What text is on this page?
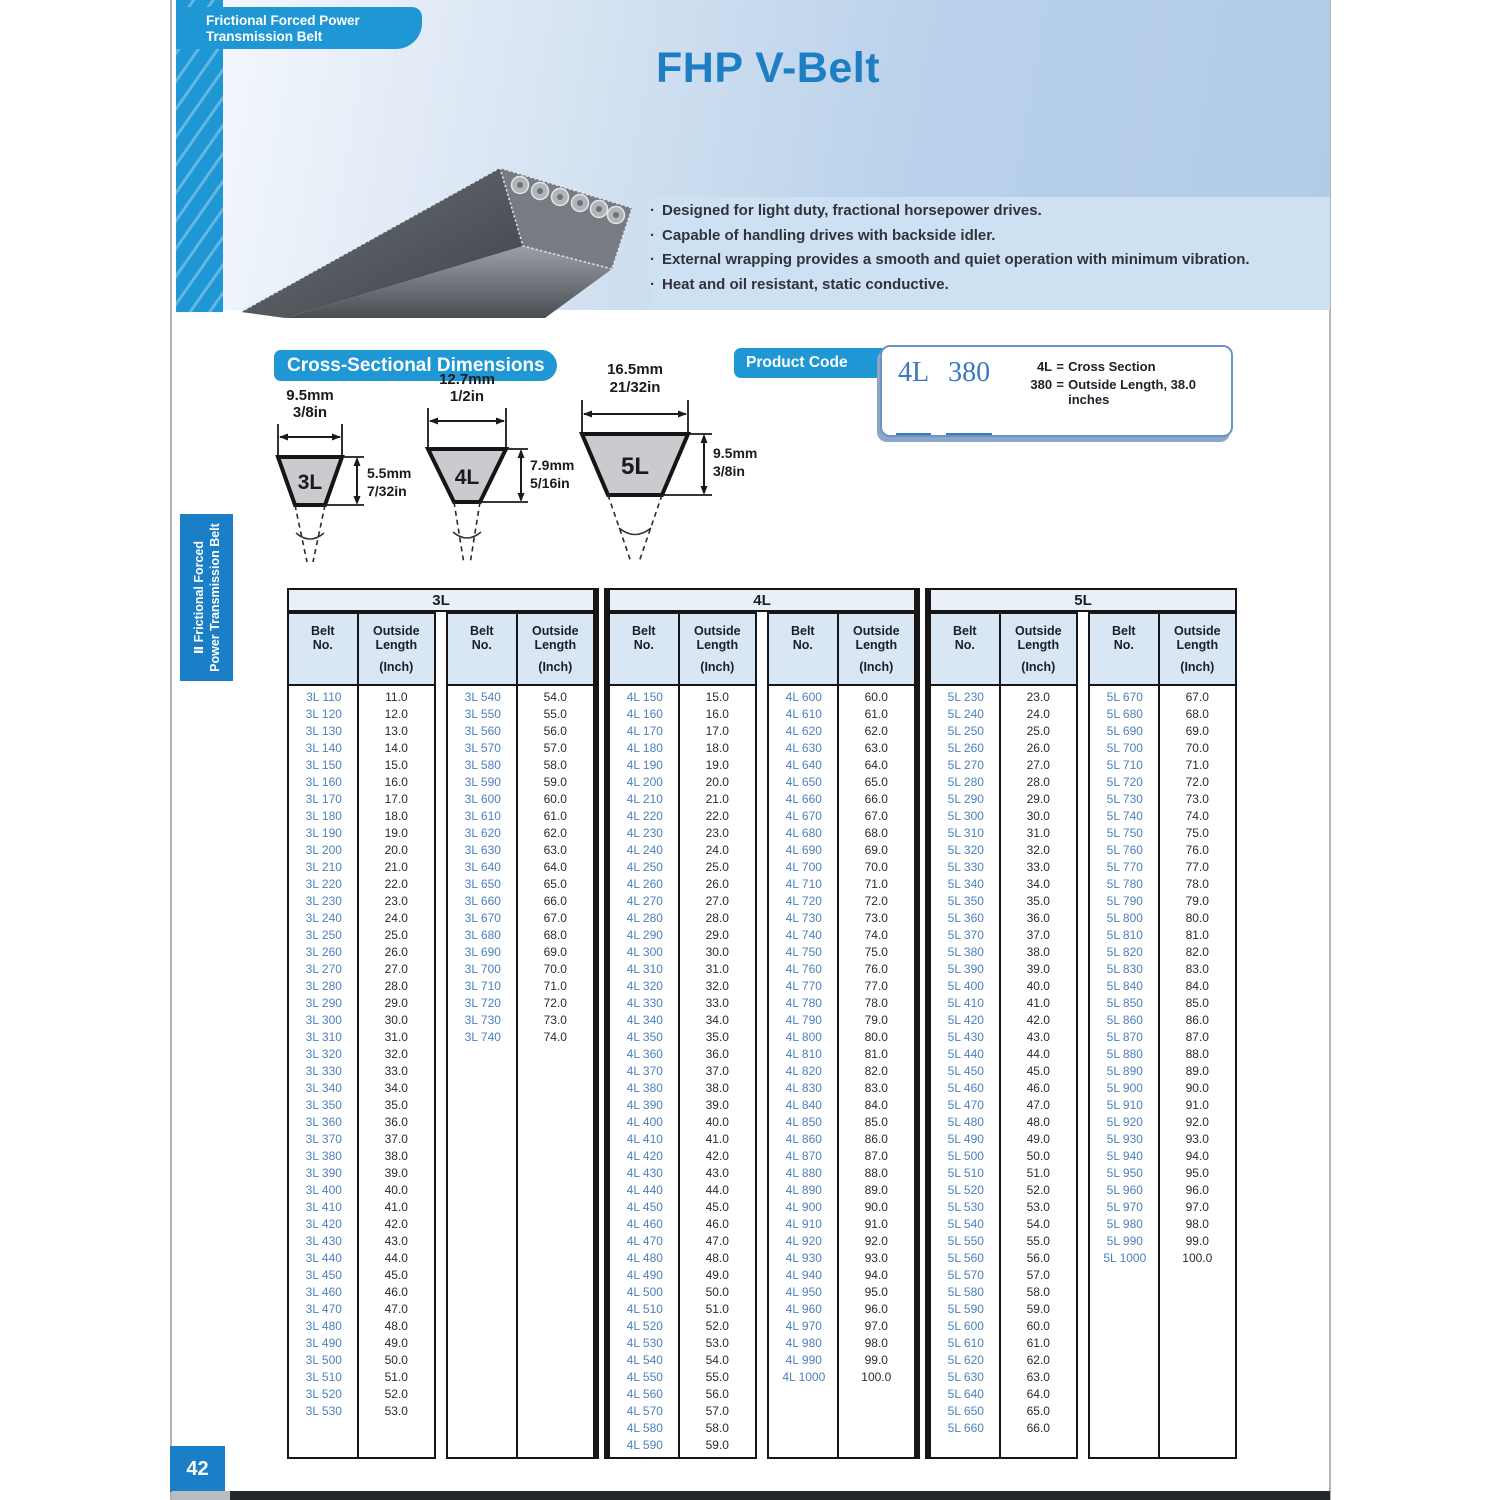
Frictional Forced Power
Transmission Belt
FHP V-Belt
· Designed for light duty, fractional horsepower drives.
· Capable of handling drives with backside idler.
· External wrapping provides a smooth and quiet operation with minimum vibration.
· Heat and oil resistant, static conductive.
Cross-Sectional Dimensions
9.5mm
3/8in
3L	5.5mm
7/32in
12.7mm
1/2in
4L
7.9mm
5/16in
16.5mm
21/32in
5L	9.5mm
3/8in
Product Code	4L 380	4L = Cross Section
380 = Outside Length, 38.0 inches
Ⅱ Frictional Forced Power Transmission Belt	3L
Belt
No.
Outside
Length
(Inch)
3L 110	11.0
3L 120	12.0
3L 130	13.0
3L 140	14.0
3L 150	15.0
3L 160	16.0
3L 170	17.0
3L 180	18.0
3L 190	19.0
3L 200	20.0
3L 210	21.0
3L 220	22.0
3L 230	23.0
3L 240	24.0
3L 250	25.0
3L 260	26.0
3L 270	27.0
3L 280	28.0
3L 290	29.0
3L 300	30.0
3L 310	31.0
3L 320	32.0
3L 330	33.0
3L 340	34.0
3L 350	35.0
3L 360	36.0
3L 370	37.0
3L 380	38.0
3L 390	39.0
3L 400	40.0
3L 410	41.0
3L 420	42.0
3L 430	43.0
3L 440	44.0
3L 450	45.0
3L 460	46.0
3L 470	47.0
3L 480	48.0
3L 490	49.0
3L 500	50.0
3L 510	51.0
3L 520	52.0
3L 530	53.0
Belt
No.
Outside
Length
(Inch)
3L 540	54.0
3L 550	55.0
3L 560	56.0
3L 570	57.0
3L 580	58.0
3L 590	59.0
3L 600	60.0
3L 610	61.0
3L 620	62.0
3L 630	63.0
3L 640	64.0
3L 650	65.0
3L 660	66.0
3L 670	67.0
3L 680	68.0
3L 690	69.0
3L 700	70.0
3L 710	71.0
3L 720	72.0
3L 730	73.0
3L 740	74.0
4L
Belt
No.
Outside
Length
(Inch)
4L 150	15.0
4L 160	16.0
4L 170	17.0
4L 180	18.0
4L 190	19.0
4L 200	20.0
4L 210	21.0
4L 220	22.0
4L 230	23.0
4L 240	24.0
4L 250	25.0
4L 260	26.0
4L 270	27.0
4L 280	28.0
4L 290	29.0
4L 300	30.0
4L 310	31.0
4L 320	32.0
4L 330	33.0
4L 340	34.0
4L 350	35.0
4L 360	36.0
4L 370	37.0
4L 380	38.0
4L 390	39.0
4L 400	40.0
4L 410	41.0
4L 420	42.0
4L 430	43.0
4L 440	44.0
4L 450	45.0
4L 460	46.0
4L 470	47.0
4L 480	48.0
4L 490	49.0
4L 500	50.0
4L 510	51.0
4L 520	52.0
4L 530	53.0
4L 540	54.0
4L 550	55.0
4L 560	56.0
4L 570	57.0
4L 580	58.0
4L 590	59.0
Belt
No.
Outside
Length
(Inch)
4L 600	60.0
4L 610	61.0
4L 620	62.0
4L 630	63.0
4L 640	64.0
4L 650	65.0
4L 660	66.0
4L 670	67.0
4L 680	68.0
4L 690	69.0
4L 700	70.0
4L 710	71.0
4L 720	72.0
4L 730	73.0
4L 740	74.0
4L 750	75.0
4L 760	76.0
4L 770	77.0
4L 780	78.0
4L 790	79.0
4L 800	80.0
4L 810	81.0
4L 820	82.0
4L 830	83.0
4L 840	84.0
4L 850	85.0
4L 860	86.0
4L 870	87.0
4L 880	88.0
4L 890	89.0
4L 900	90.0
4L 910	91.0
4L 920	92.0
4L 930	93.0
4L 940	94.0
4L 950	95.0
4L 960	96.0
4L 970	97.0
4L 980	98.0
4L 990	99.0
4L 1000	100.0
5L
Belt
No.
Outside
Length
(Inch)
5L 230	23.0
5L 240	24.0
5L 250	25.0
5L 260	26.0
5L 270	27.0
5L 280	28.0
5L 290	29.0
5L 300	30.0
5L 310	31.0
5L 320	32.0
5L 330	33.0
5L 340	34.0
5L 350	35.0
5L 360	36.0
5L 370	37.0
5L 380	38.0
5L 390	39.0
5L 400	40.0
5L 410	41.0
5L 420	42.0
5L 430	43.0
5L 440	44.0
5L 450	45.0
5L 460	46.0
5L 470	47.0
5L 480	48.0
5L 490	49.0
5L 500	50.0
5L 510	51.0
5L 520	52.0
5L 530	53.0
5L 540	54.0
5L 550	55.0
5L 560	56.0
5L 570	57.0
5L 580	58.0
5L 590	59.0
5L 600	60.0
5L 610	61.0
5L 620	62.0
5L 630	63.0
5L 640	64.0
5L 650	65.0
5L 660	66.0
Belt
No.
Outside
Length
(Inch)
5L 670	67.0
5L 680	68.0
5L 690	69.0
5L 700	70.0
5L 710	71.0
5L 720	72.0
5L 730	73.0
5L 740	74.0
5L 750	75.0
5L 760	76.0
5L 770	77.0
5L 780	78.0
5L 790	79.0
5L 800	80.0
5L 810	81.0
5L 820	82.0
5L 830	83.0
5L 840	84.0
5L 850	85.0
5L 860	86.0
5L 870	87.0
5L 880	88.0
5L 890	89.0
5L 900	90.0
5L 910	91.0
5L 920	92.0
5L 930	93.0
5L 940	94.0
5L 950	95.0
5L 960	96.0
5L 970	97.0
5L 980	98.0
5L 990	99.0
5L 1000	100.0
42
